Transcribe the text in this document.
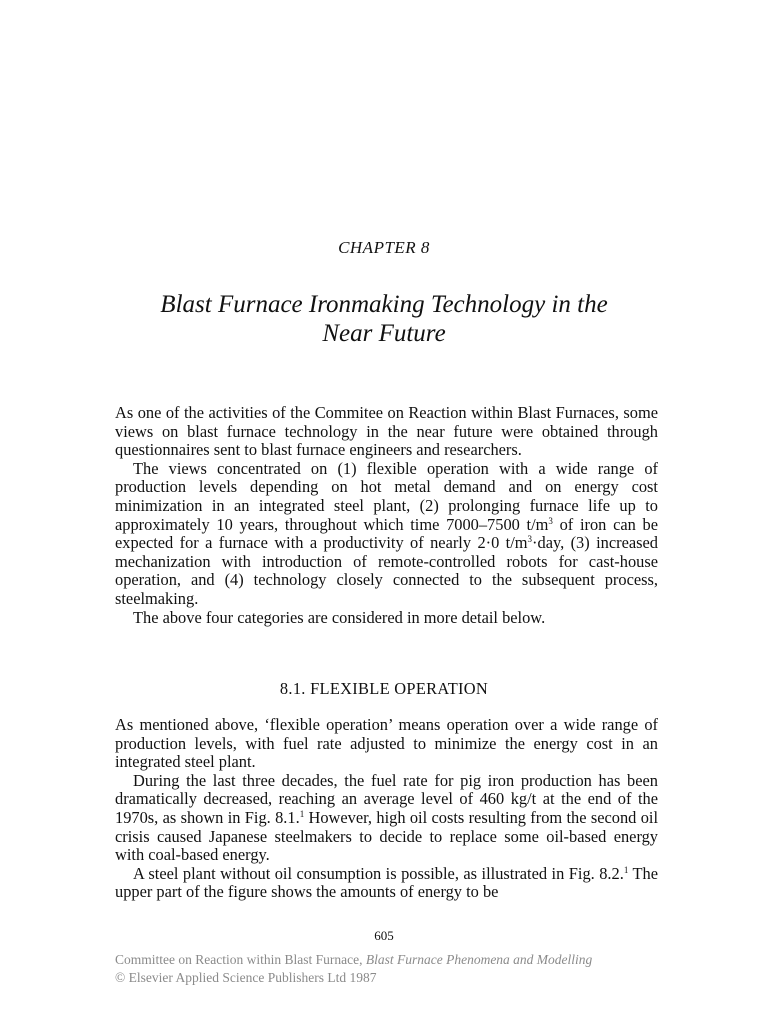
CHAPTER 8
Blast Furnace Ironmaking Technology in the
Near Future

As one of the activities of the Commitee on Reaction within Blast Furnaces, some views on blast furnace technology in the near future were obtained through questionnaires sent to blast furnace engineers and researchers.

The views concentrated on (1) flexible operation with a wide range of production levels depending on hot metal demand and on energy cost minimization in an integrated steel plant, (2) prolonging furnace life up to approximately 10 years, throughout which time 7000–7500 $t/m^3$ of iron can be expected for a furnace with a productivity of nearly 2·0 $t/m^3\cdot day$, (3) increased mechanization with introduction of remote-controlled robots for cast-house operation, and (4) technology closely connected to the subsequent process, steelmaking.

The above four categories are considered in more detail below.

8.1. FLEXIBLE OPERATION

As mentioned above, ‘flexible operation’ means operation over a wide range of production levels, with fuel rate adjusted to minimize the energy cost in an integrated steel plant.

During the last three decades, the fuel rate for pig iron production has been dramatically decreased, reaching an average level of 460 kg/t at the end of the 1970s, as shown in Fig. 8.1.$^1$ However, high oil costs resulting from the second oil crisis caused Japanese steelmakers to decide to replace some oil-based energy with coal-based energy.

A steel plant without oil consumption is possible, as illustrated in Fig. 8.2.$^1$ The upper part of the figure shows the amounts of energy to be

605
Committee on Reaction within Blast Furnace, Blast Furnace Phenomena and Modelling
© Elsevier Applied Science Publishers Ltd 1987
